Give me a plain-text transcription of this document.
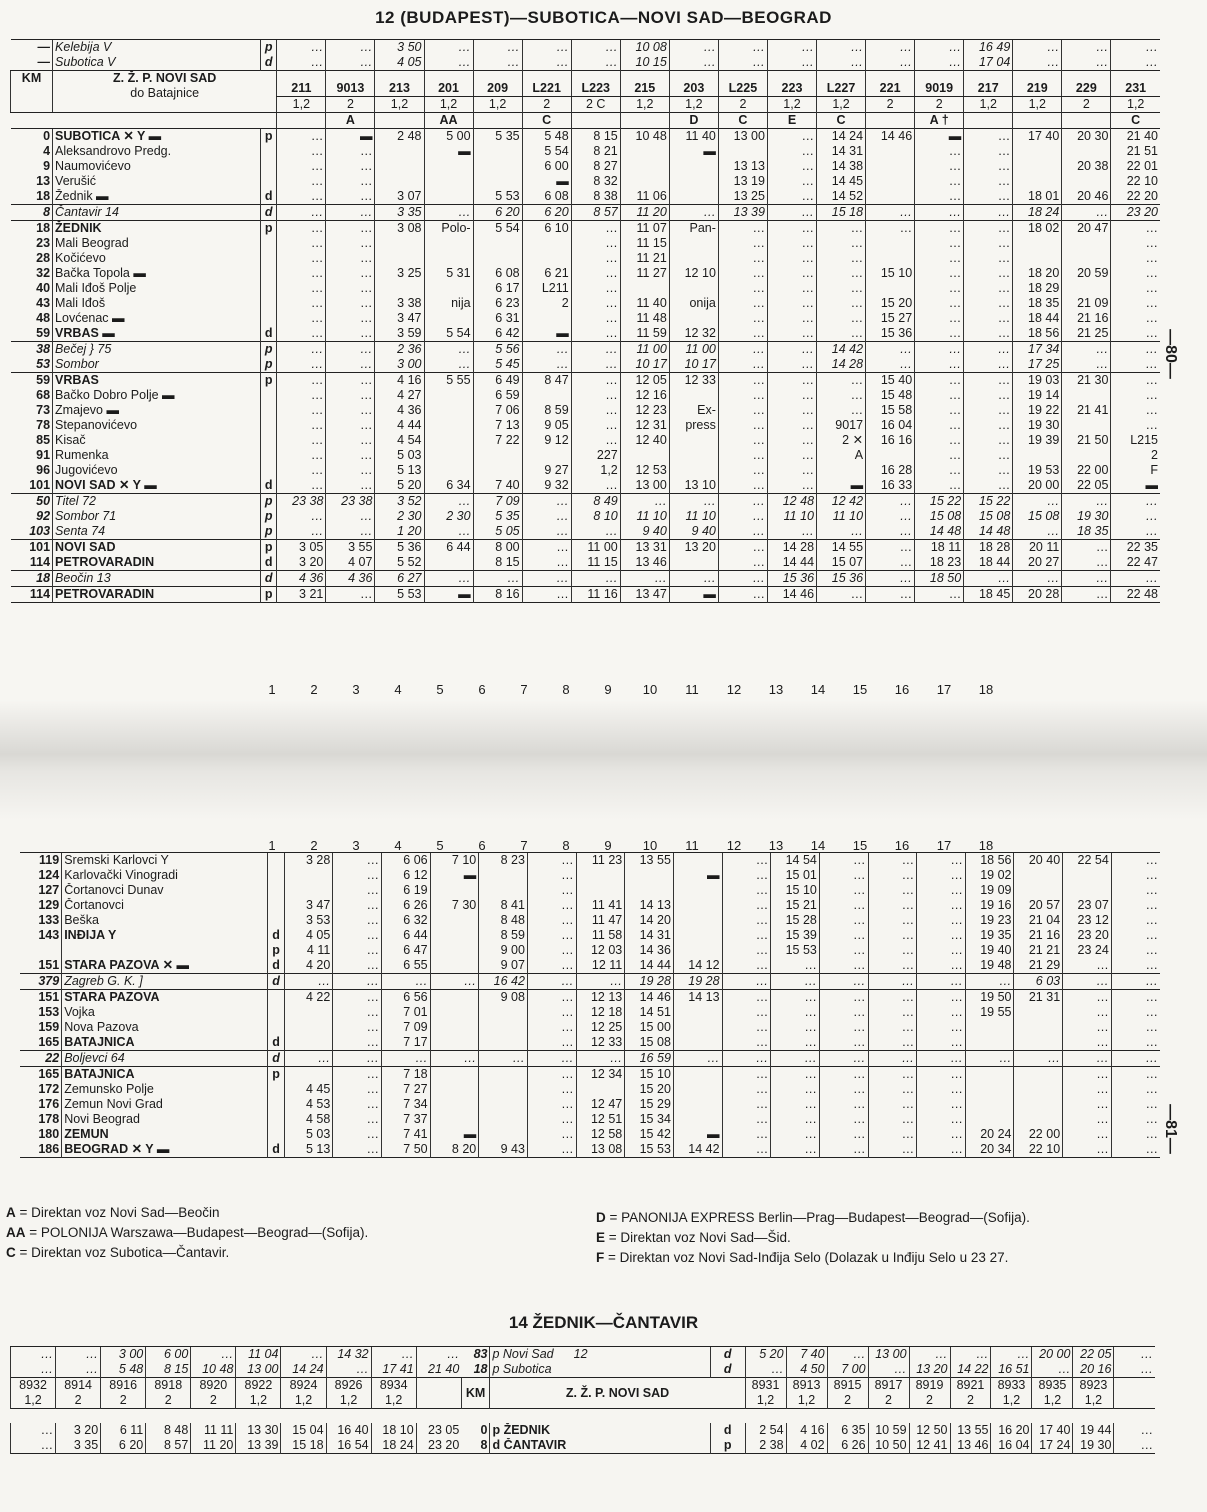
12 (BUDAPEST)—SUBOTICA—NOVI SAD—BEOGRAD
—80—
—81—
—	Kelebija V	p	…	…	3 50	…	…	…	…	10 08	…	…	…	…	…	…	16 49	…	…	…
—	Subotica V	d	…	…	4 05	…	…	…	…	10 15	…	…	…	…	…	…	17 04	…	…	…
KM	Z. Ž. P. NOVI SAD
do Batajnice		211	9013	213	201	209	L221	L223	215	203	L225	223	L227	221	9019	217	219	229	231
			1,2	2	1,2	1,2	1,2	2	2 C	1,2	1,2	2	1,2	1,2	2	2	1,2	1,2	2	1,2
				A		AA		C			D	C	E	C		A †				C
0	SUBOTICA ✕ Y ▬	p	…	▬	2 48	5 00	5 35	5 48	8 15	10 48	11 40	13 00	…	14 24	14 46	▬	…	17 40	20 30	21 40
4	Aleksandrovo Predg.		…	…		▬		5 54	8 21		▬		…	14 31		…	…			21 51
9	Naumovićevo		…	…				6 00	8 27			13 13	…	14 38		…	…		20 38	22 01
13	Verušić		…	…				▬	8 32			13 19	…	14 45		…	…			22 10
18	Žednik ▬	d	…	…	3 07		5 53	6 08	8 38	11 06		13 25	…	14 52		…	…	18 01	20 46	22 20
8	Čantavir 14	d	…	…	3 35	…	6 20	6 20	8 57	11 20	…	13 39	…	15 18	…	…	…	18 24	…	23 20
18	ŽEDNIK	p	…	…	3 08	Polo-	5 54	6 10	…	11 07	Pan-	…	…	…	…	…	…	18 02	20 47	…
23	Mali Beograd		…	…					…	11 15		…	…	…		…	…			…
28	Kočićevo		…	…					…	11 21		…	…	…		…	…			…
32	Bačka Topola ▬		…	…	3 25	5 31	6 08	6 21	…	11 27	12 10	…	…	…	15 10	…	…	18 20	20 59	…
40	Mali Iđoš Polje		…	…			6 17	L211	…			…	…	…		…	…	18 29		…
43	Mali Iđoš		…	…	3 38	nija	6 23	2	…	11 40	onija	…	…	…	15 20	…	…	18 35	21 09	…
48	Lovćenac ▬		…	…	3 47		6 31		…	11 48		…	…	…	15 27	…	…	18 44	21 16	…
59	VRBAS ▬	d	…	…	3 59	5 54	6 42	▬	…	11 59	12 32	…	…	…	15 36	…	…	18 56	21 25	…
38	Bečej } 75	p	…	…	2 36	…	5 56	…	…	11 00	11 00	…	…	14 42	…	…	…	17 34	…	…
53	Sombor	p	…	…	3 00	…	5 45	…	…	10 17	10 17	…	…	14 28	…	…	…	17 25	…	…
59	VRBAS	p	…	…	4 16	5 55	6 49	8 47	…	12 05	12 33	…	…	…	15 40	…	…	19 03	21 30	…
68	Bačko Dobro Polje ▬		…	…	4 27		6 59		…	12 16		…	…	…	15 48	…	…	19 14		…
73	Zmajevo ▬		…	…	4 36		7 06	8 59	…	12 23	Ex-	…	…	…	15 58	…	…	19 22	21 41	…
78	Stepanovićevo		…	…	4 44		7 13	9 05	…	12 31	press	…	…	9017	16 04	…	…	19 30		…
85	Kisač		…	…	4 54		7 22	9 12	…	12 40		…	…	2 ✕	16 16	…	…	19 39	21 50	L215
91	Rumenka		…	…	5 03				227			…	…	A		…	…			2
96	Jugovićevo		…	…	5 13			9 27	1,2	12 53		…	…		16 28	…	…	19 53	22 00	F
101	NOVI SAD ✕ Y ▬	d	…	…	5 20	6 34	7 40	9 32	…	13 00	13 10	…	…	▬	16 33	…	…	20 00	22 05	▬
50	Titel 72	p	23 38	23 38	3 52	…	7 09	…	8 49	…	…	…	12 48	12 42	…	15 22	15 22	…	…	…
92	Sombor 71	p	…	…	2 30	2 30	5 35	…	8 10	11 10	11 10	…	11 10	11 10	…	15 08	15 08	15 08	19 30	…
103	Senta 74	p	…	…	1 20	…	5 05	…	…	9 40	9 40	…	…	…	…	14 48	14 48	…	18 35	…
101	NOVI SAD	p	3 05	3 55	5 36	6 44	8 00	…	11 00	13 31	13 20	…	14 28	14 55	…	18 11	18 28	20 11	…	22 35
114	PETROVARADIN	d	3 20	4 07	5 52		8 15	…	11 15	13 46		…	14 44	15 07	…	18 23	18 44	20 27	…	22 47
18	Beočin 13	d	4 36	4 36	6 27	…	…	…	…	…	…	…	15 36	15 36	…	18 50	…	…	…	…
114	PETROVARADIN	p	3 21	…	5 53	▬	8 16	…	11 16	13 47	▬	…	14 46	…	…	…	18 45	20 28	…	22 48

1	2	3	4	5	6	7	8	9	10	11	12	13	14	15	16	17	18
1	2	3	4	5	6	7	8	9	10	11	12	13	14	15	16	17	18
119	Sremski Karlovci Y		3 28	…	6 06	7 10	8 23	…	11 23	13 55		…	14 54	…	…	…	18 56	20 40	22 54	…
124	Karlovački Vinogradi			…	6 12	▬		…			▬	…	15 01	…	…	…	19 02			…
127	Čortanovci Dunav			…	6 19			…				…	15 10	…	…	…	19 09			…
129	Čortanovci		3 47	…	6 26	7 30	8 41	…	11 41	14 13		…	15 21	…	…	…	19 16	20 57	23 07	…
133	Beška		3 53	…	6 32		8 48	…	11 47	14 20		…	15 28	…	…	…	19 23	21 04	23 12	…
143	INĐIJA Y	d	4 05	…	6 44		8 59	…	11 58	14 31		…	15 39	…	…	…	19 35	21 16	23 20	…
		p	4 11	…	6 47		9 00	…	12 03	14 36		…	15 53	…	…	…	19 40	21 21	23 24	…
151	STARA PAZOVA ✕ ▬	d	4 20	…	6 55		9 07	…	12 11	14 44	14 12	…	…	…	…	…	19 48	21 29	…	…
379	Zagreb G. K. ]	d	…	…	…	…	16 42	…	…	19 28	19 28	…	…	…	…	…	…	6 03	…	…
151	STARA PAZOVA		4 22	…	6 56		9 08	…	12 13	14 46	14 13	…	…	…	…	…	19 50	21 31	…	…
153	Vojka			…	7 01			…	12 18	14 51		…	…	…	…	…	19 55		…	…
159	Nova Pazova			…	7 09			…	12 25	15 00		…	…	…	…	…			…	…
165	BATAJNICA	d		…	7 17			…	12 33	15 08		…	…	…	…	…			…	…
22	Boljevci 64	d	…	…	…	…	…	…	…	16 59	…	…	…	…	…	…	…	…	…	…
165	BATAJNICA	p		…	7 18			…	12 34	15 10		…	…	…	…	…			…	…
172	Zemunsko Polje		4 45	…	7 27			…		15 20		…	…	…	…	…			…	…
176	Zemun Novi Grad		4 53	…	7 34			…	12 47	15 29		…	…	…	…	…			…	…
178	Novi Beograd		4 58	…	7 37			…	12 51	15 34		…	…	…	…	…			…	…
180	ZEMUN		5 03	…	7 41	▬		…	12 58	15 42	▬	…	…	…	…	…	20 24	22 00	…	…
186	BEOGRAD ✕ Y ▬	d	5 13	…	7 50	8 20	9 43	…	13 08	15 53	14 42	…	…	…	…	…	20 34	22 10	…	…

A = Direktan voz Novi Sad—Beočin
AA = POLONIJA Warszawa—Budapest—Beograd—(Sofija).
C = Direktan voz Subotica—Čantavir.
D = PANONIJA EXPRESS Berlin—Prag—Budapest—Beograd—(Sofija).
E = Direktan voz Novi Sad—Šid.
F = Direktan voz Novi Sad-Inđija Selo (Dolazak u Inđiju Selo u 23 27.
14 ŽEDNIK—ČANTAVIR
…	…	3 00	6 00	…	11 04	…	14 32	…	…	83	p Novi Sad 12	d	5 20	7 40	…	13 00	…	…	…	20 00	22 05	…
…	…	5 48	8 15	10 48	13 00	14 24	…	17 41	21 40	18	p Subotica	d	…	4 50	7 00	…	13 20	14 22	16 51	…	20 16	…
8932	8914	8916	8918	8920	8922	8924	8926	8934		KM	Z. Ž. P. NOVI SAD		8931	8913	8915	8917	8919	8921	8933	8935	8923	
1,2	2	2	2	2	1,2	1,2	1,2	1,2					1,2	1,2	2	2	2	2	1,2	1,2	1,2	

…	3 20	6 11	8 48	11 11	13 30	15 04	16 40	18 10	23 05	0	p ŽEDNIK	d	2 54	4 16	6 35	10 59	12 50	13 55	16 20	17 40	19 44	…
…	3 35	6 20	8 57	11 20	13 39	15 18	16 54	18 24	23 20	8	d ČANTAVIR	p	2 38	4 02	6 26	10 50	12 41	13 46	16 04	17 24	19 30	…
